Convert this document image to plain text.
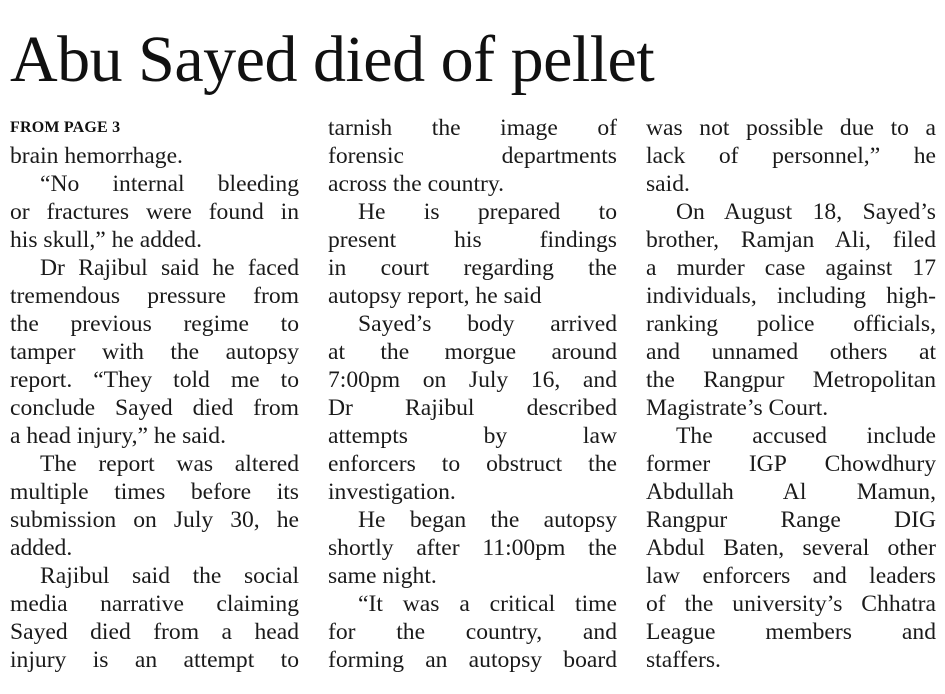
Abu Sayed died of pellet
FROM PAGE 3
brain hemorrhage.
“No internal bleeding
or fractures were found in
his skull,” he added.
Dr Rajibul said he faced
tremendous pressure from
the previous regime to
tamper with the autopsy
report. “They told me to
conclude Sayed died from
a head injury,” he said.
The report was altered
multiple times before its
submission on July 30, he
added.
Rajibul said the social
media narrative claiming
Sayed died from a head
injury is an attempt to
tarnish the image of
forensic departments
across the country.
He is prepared to
present his findings
in court regarding the
autopsy report, he said
Sayed’s body arrived
at the morgue around
7:00pm on July 16, and
Dr Rajibul described
attempts by law
enforcers to obstruct the
investigation.
He began the autopsy
shortly after 11:00pm the
same night.
“It was a critical time
for the country, and
forming an autopsy board
was not possible due to a
lack of personnel,” he
said.
On August 18, Sayed’s
brother, Ramjan Ali, filed
a murder case against 17
individuals, including high-
ranking police officials,
and unnamed others at
the Rangpur Metropolitan
Magistrate’s Court.
The accused include
former IGP Chowdhury
Abdullah Al Mamun,
Rangpur Range DIG
Abdul Baten, several other
law enforcers and leaders
of the university’s Chhatra
League members and
staffers.
